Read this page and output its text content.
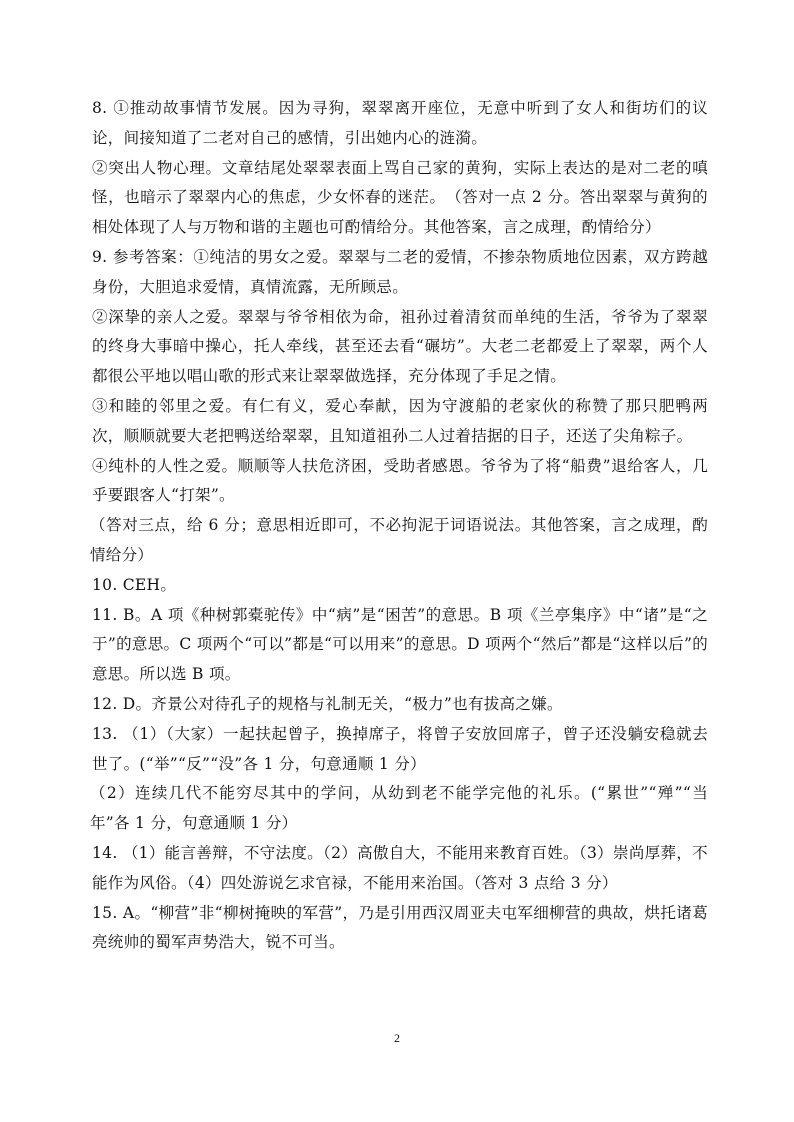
8. ①推动故事情节发展。因为寻狗，翠翠离开座位，无意中听到了女人和街坊们的议论，间接知道了二老对自己的感情，引出她内心的涟漪。

②突出人物心理。文章结尾处翠翠表面上骂自己家的黄狗，实际上表达的是对二老的嗔怪，也暗示了翠翠内心的焦虑，少女怀春的迷茫。　（答对一点 2 分。答出翠翠与黄狗的相处体现了人与万物和谐的主题也可酌情给分。其他答案，言之成理，酌情给分）

9. 参考答案：①纯洁的男女之爱。翠翠与二老的爱情，不掺杂物质地位因素，双方跨越身份，大胆追求爱情，真情流露，无所顾忌。

②深挚的亲人之爱。翠翠与爷爷相依为命，祖孙过着清贫而单纯的生活，爷爷为了翠翠的终身大事暗中操心，托人牵线，甚至还去看“碾坊”。大老二老都爱上了翠翠，两个人都很公平地以唱山歌的形式来让翠翠做选择，充分体现了手足之情。

③和睦的邻里之爱。有仁有义，爱心奉献，因为守渡船的老家伙的称赞了那只肥鸭两次，顺顺就要大老把鸭送给翠翠，且知道祖孙二人过着拮据的日子，还送了尖角粽子。

④纯朴的人性之爱。顺顺等人扶危济困，受助者感恩。爷爷为了将“船费”退给客人，几乎要跟客人“打架”。

（答对三点，给 6 分；意思相近即可，不必拘泥于词语说法。其他答案，言之成理，酌情给分）

10. CEH。

11. B。A 项《种树郭橐驼传》中“病”是“困苦”的意思。B 项《兰亭集序》中“诸”是“之于”的意思。C 项两个“可以”都是“可以用来”的意思。D 项两个“然后”都是“这样以后”的意思。所以选 B 项。

12. D。齐景公对待孔子的规格与礼制无关，“极力”也有拔高之嫌。

13. （1）（大家）一起扶起曾子，换掉席子，将曾子安放回席子，曾子还没躺安稳就去世了。(“举”“反”“没”各 1 分，句意通顺 1 分）

（2）连续几代不能穷尽其中的学问，从幼到老不能学完他的礼乐。(“累世”“殚”“当年”各 1 分，句意通顺 1 分）

14. （1）能言善辩，不守法度。（2）高傲自大，不能用来教育百姓。（3）崇尚厚葬，不能作为风俗。（4）四处游说乞求官禄，不能用来治国。（答对 3 点给 3 分）

15. A。“柳营”非“柳树掩映的军营”，乃是引用西汉周亚夫屯军细柳营的典故，烘托诸葛亮统帅的蜀军声势浩大，锐不可当。

2
